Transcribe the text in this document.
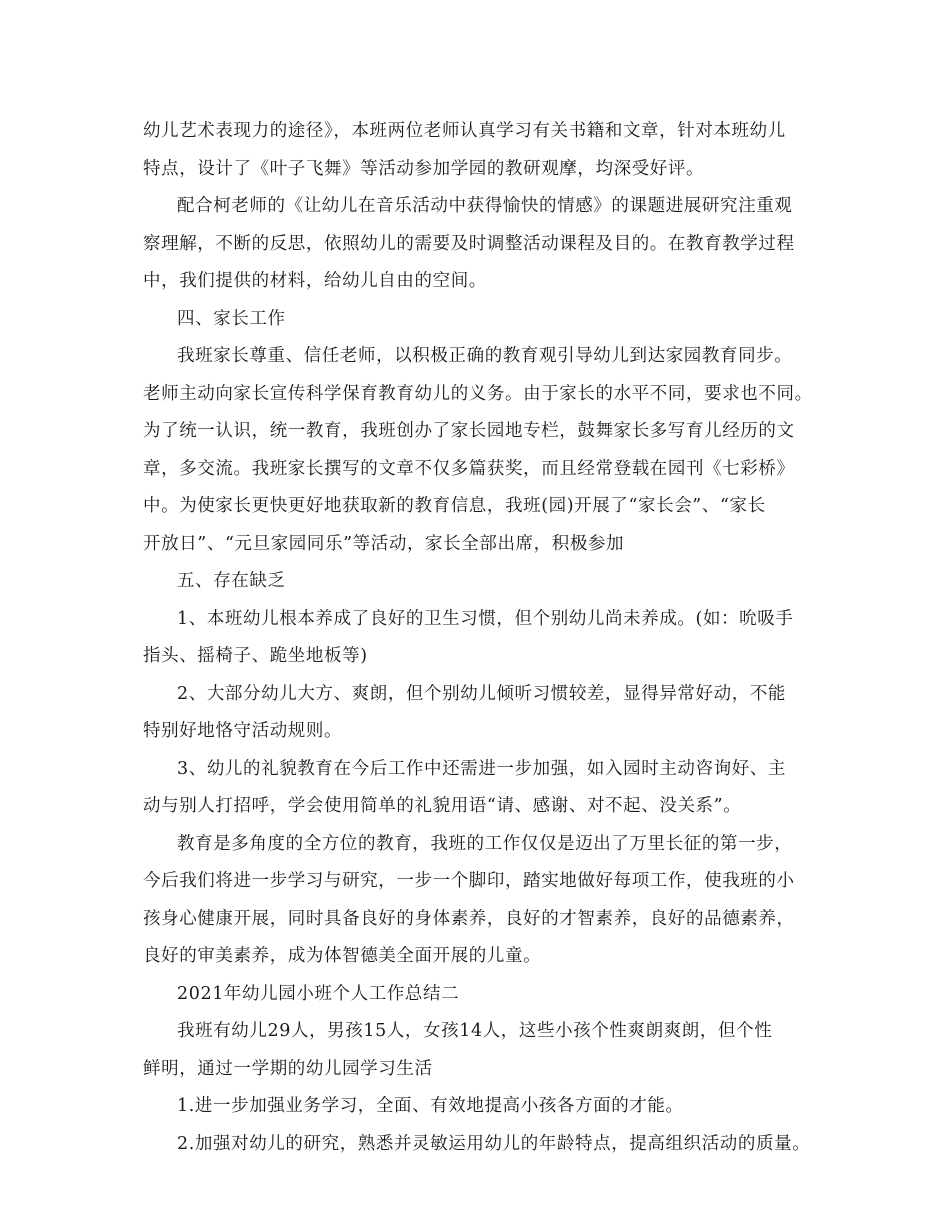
幼儿艺术表现力的途径》，本班两位老师认真学习有关书籍和文章，针对本班幼儿
特点，设计了《叶子飞舞》等活动参加学园的教研观摩，均深受好评。

配合柯老师的《让幼儿在音乐活动中获得愉快的情感》的课题进展研究注重观
察理解，不断的反思，依照幼儿的需要及时调整活动课程及目的。在教育教学过程
中，我们提供的材料，给幼儿自由的空间。

四、家长工作

我班家长尊重、信任老师，以积极正确的教育观引导幼儿到达家园教育同步。
老师主动向家长宣传科学保育教育幼儿的义务。由于家长的水平不同，要求也不同。
为了统一认识，统一教育，我班创办了家长园地专栏，鼓舞家长多写育儿经历的文
章，多交流。我班家长撰写的文章不仅多篇获奖，而且经常登载在园刊《七彩桥》
中。为使家长更快更好地获取新的教育信息，我班(园)开展了“家长会”、“家长
开放日”、“元旦家园同乐”等活动，家长全部出席，积极参加

五、存在缺乏

1、本班幼儿根本养成了良好的卫生习惯，但个别幼儿尚未养成。(如：吮吸手
指头、摇椅子、跪坐地板等)

2、大部分幼儿大方、爽朗，但个别幼儿倾听习惯较差，显得异常好动，不能
特别好地恪守活动规则。

3、幼儿的礼貌教育在今后工作中还需进一步加强，如入园时主动咨询好、主
动与别人打招呼，学会使用简单的礼貌用语“请、感谢、对不起、没关系”。

教育是多角度的全方位的教育，我班的工作仅仅是迈出了万里长征的第一步，
今后我们将进一步学习与研究，一步一个脚印，踏实地做好每项工作，使我班的小
孩身心健康开展，同时具备良好的身体素养，良好的才智素养，良好的品德素养，
良好的审美素养，成为体智德美全面开展的儿童。

2021年幼儿园小班个人工作总结二

我班有幼儿29人，男孩15人，女孩14人，这些小孩个性爽朗爽朗，但个性
鲜明，通过一学期的幼儿园学习生活

1.进一步加强业务学习，全面、有效地提高小孩各方面的才能。

2.加强对幼儿的研究，熟悉并灵敏运用幼儿的年龄特点，提高组织活动的质量。
